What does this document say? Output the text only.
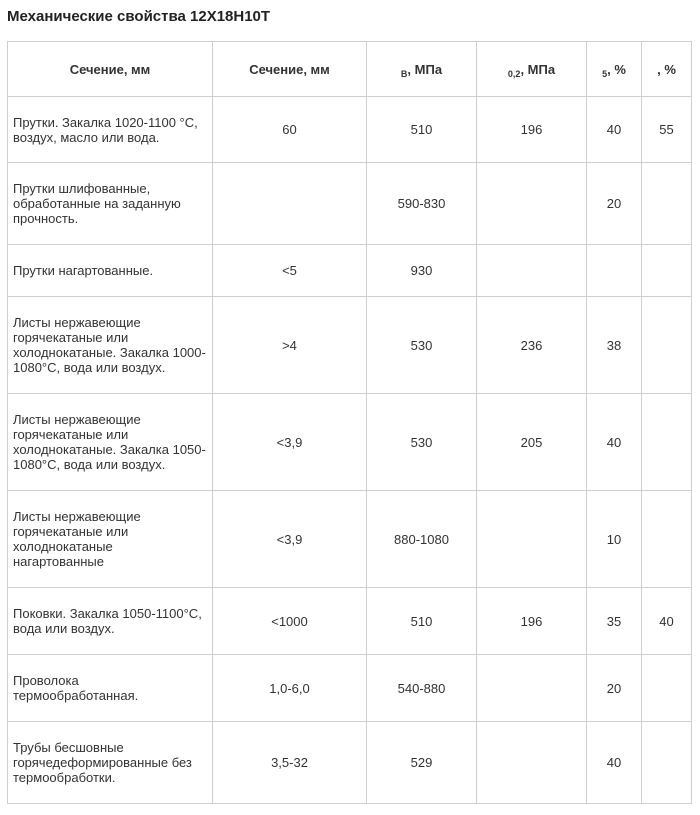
Механические свойства 12Х18Н10Т
Сечение, мм	Сечение, мм	$_B$, МПа	$_{0,2}$, МПа	$_5$, %	, %
Прутки. Закалка 1020-1100 °С, воздух, масло или вода.	60	510	196	40	55
Прутки шлифованные, обработанные на заданную прочность.		590-830		20	
Прутки нагартованные.	<5	930			
Листы нержавеющие горячекатаные или холоднокатаные. Закалка 1000-1080°С, вода или воздух.	>4	530	236	38	
Листы нержавеющие горячекатаные или холоднокатаные. Закалка 1050-1080°С, вода или воздух.	<3,9	530	205	40	
Листы нержавеющие горячекатаные или холоднокатаные нагартованные	<3,9	880-1080		10	
Поковки. Закалка 1050-1100°С, вода или воздух.	<1000	510	196	35	40
Проволока термообработанная.	1,0-6,0	540-880		20	
Трубы бесшовные горячедеформированные без термообработки.	3,5-32	529		40	
